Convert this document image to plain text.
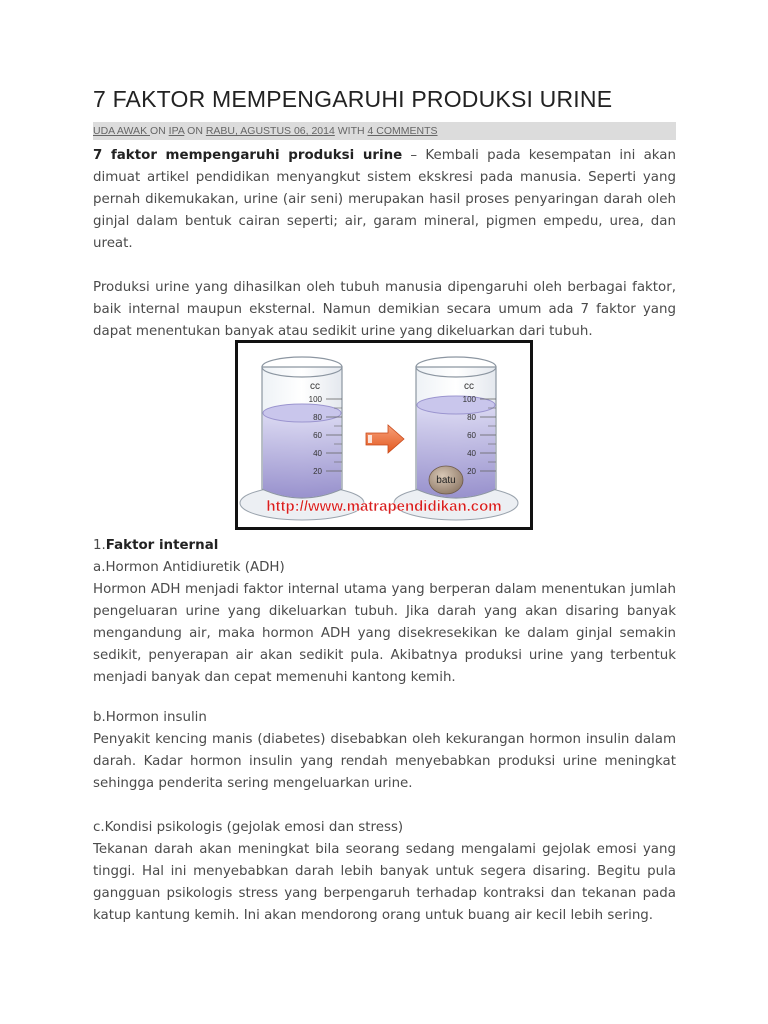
7 FAKTOR MEMPENGARUHI PRODUKSI URINE
UDA AWAK ON IPA ON RABU, AGUSTUS 06, 2014 WITH 4 COMMENTS

7 faktor mempengaruhi produksi urine – Kembali pada kesempatan ini akan dimuat artikel pendidikan menyangkut sistem ekskresi pada manusia. Seperti yang pernah dikemukakan, urine (air seni) merupakan hasil proses penyaringan darah oleh ginjal dalam bentuk cairan seperti; air, garam mineral, pigmen empedu, urea, dan ureat.

Produksi urine yang dihasilkan oleh tubuh manusia dipengaruhi oleh berbagai faktor, baik internal maupun eksternal. Namun demikian secara umum ada 7 faktor yang dapat menentukan banyak atau sedikit urine yang dikeluarkan dari tubuh.

cc
100
80
60
40
20
cc
100
80
60
40
20
batu
http://www.matrapendidikan.com
1.Faktor internal
a.Hormon Antidiuretik (ADH)
Hormon ADH menjadi faktor internal utama yang berperan dalam menentukan jumlah pengeluaran urine yang dikeluarkan tubuh. Jika darah yang akan disaring banyak mengandung air, maka hormon ADH yang disekresekikan ke dalam ginjal semakin sedikit, penyerapan air akan sedikit pula. Akibatnya produksi urine yang terbentuk menjadi banyak dan cepat memenuhi kantong kemih.
b.Hormon insulin
Penyakit kencing manis (diabetes) disebabkan oleh kekurangan hormon insulin dalam darah. Kadar hormon insulin yang rendah menyebabkan produksi urine meningkat sehingga penderita sering mengeluarkan urine.
c.Kondisi psikologis (gejolak emosi dan stress)
Tekanan darah akan meningkat bila seorang sedang mengalami gejolak emosi yang tinggi. Hal ini menyebabkan darah lebih banyak untuk segera disaring. Begitu pula gangguan psikologis stress yang berpengaruh terhadap kontraksi dan tekanan pada katup kantung kemih. Ini akan mendorong orang untuk buang air kecil lebih sering.
